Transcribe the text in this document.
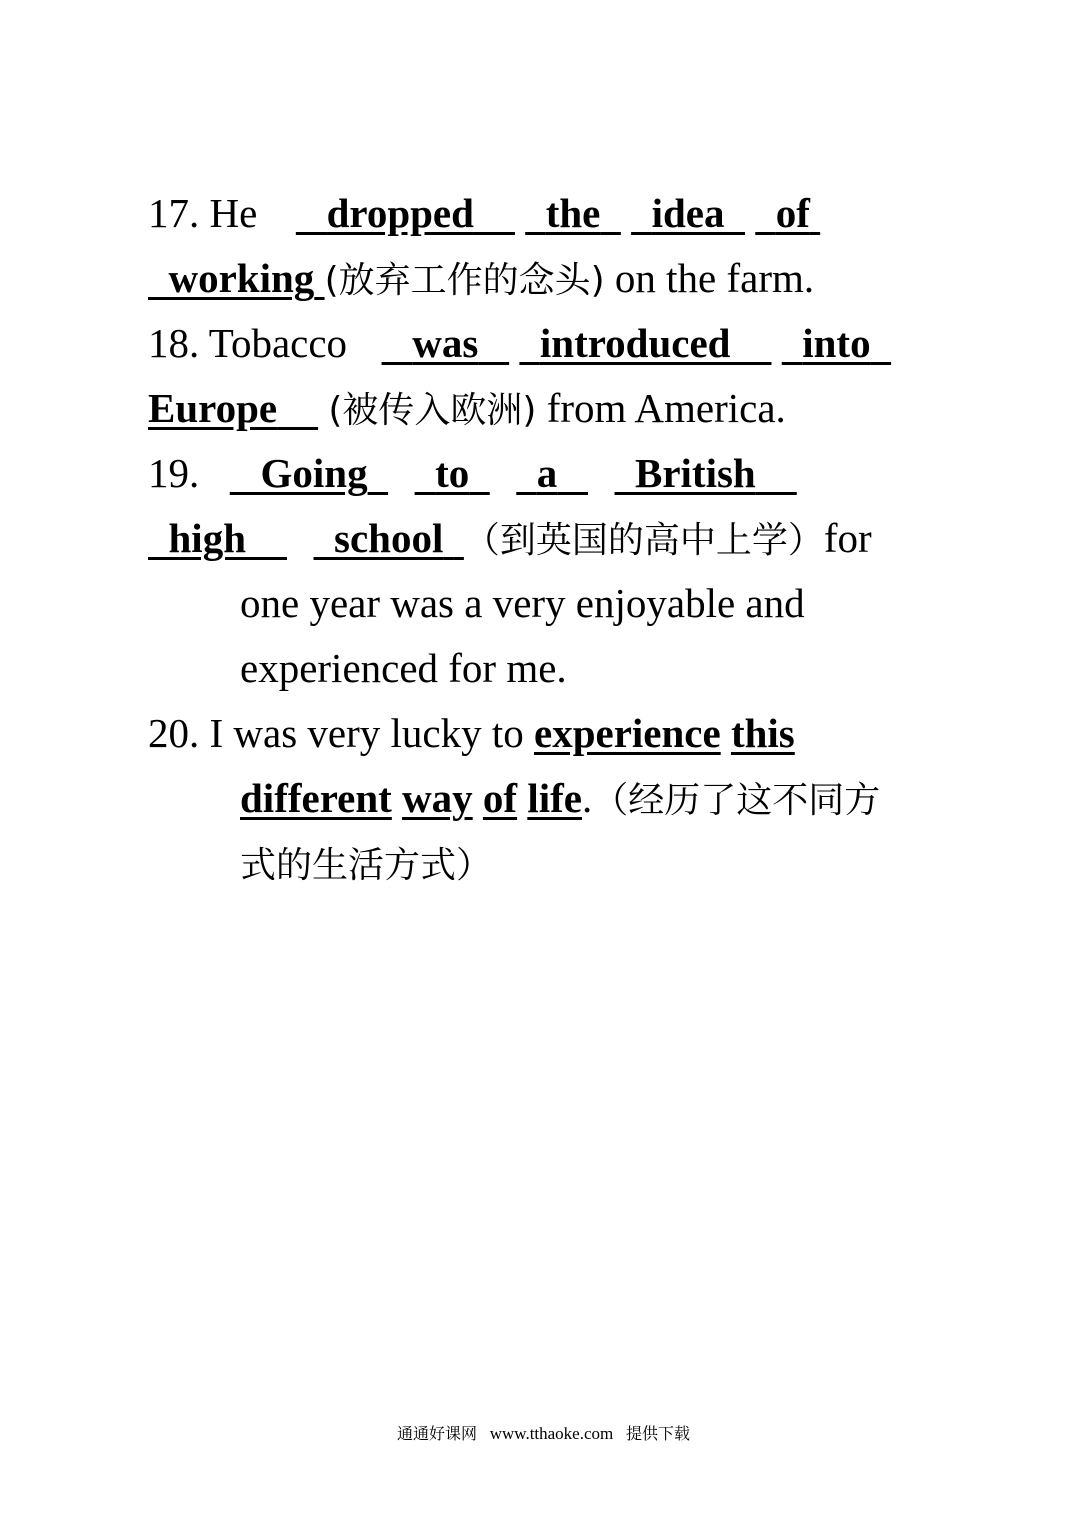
17. He dropped the idea of
working (放弃工作的念头) on the farm.
18. Tobacco was introduced into
Europe (被传入欧洲) from America.
19. Going to a British
high school （到英国的高中上学）for
one year was a very enjoyable and
experienced for me.
20. I was very lucky to experience this
different way of life.（经历了这不同方
式的生活方式）
通通好课网 www.tthaoke.com 提供下载
